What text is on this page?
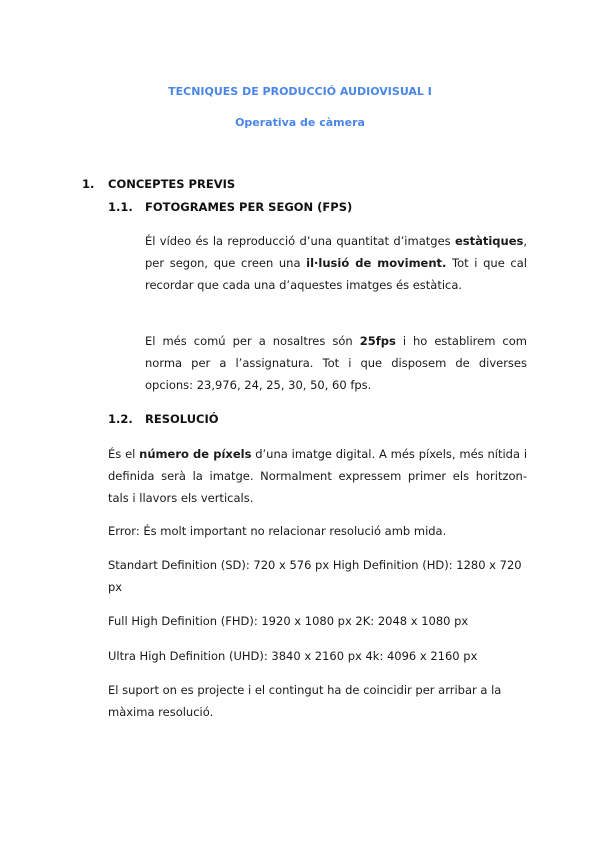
TECNIQUES DE PRODUCCIÓ AUDIOVISUAL I
Operativa de càmera
1. CONCEPTES PREVIS
1.1. FOTOGRAMES PER SEGON (FPS)
Él vídeo és la reproducció d’una quantitat d’imatges estàtiques, per segon, que creen una il·lusió de moviment. Tot i que cal recordar que cada una d’aquestes imatges és estàtica.
El més comú per a nosaltres són 25fps i ho establirem com norma per a l’assignatura. Tot i que disposem de diverses opcions: 23,976, 24, 25, 30, 50, 60 fps.
1.2. RESOLUCIÓ
És el número de píxels d’una imatge digital. A més píxels, més nítida i definida serà la imatge. Normalment expressem primer els horitzon- tals i llavors els verticals.
Error: És molt important no relacionar resolució amb mida.
Standart Definition (SD): 720 x 576 px High Definition (HD): 1280 x 720 px
Full High Definition (FHD): 1920 x 1080 px 2K: 2048 x 1080 px
Ultra High Definition (UHD): 3840 x 2160 px 4k: 4096 x 2160 px
El suport on es projecte i el contingut ha de coincidir per arribar a la màxima resolució.
